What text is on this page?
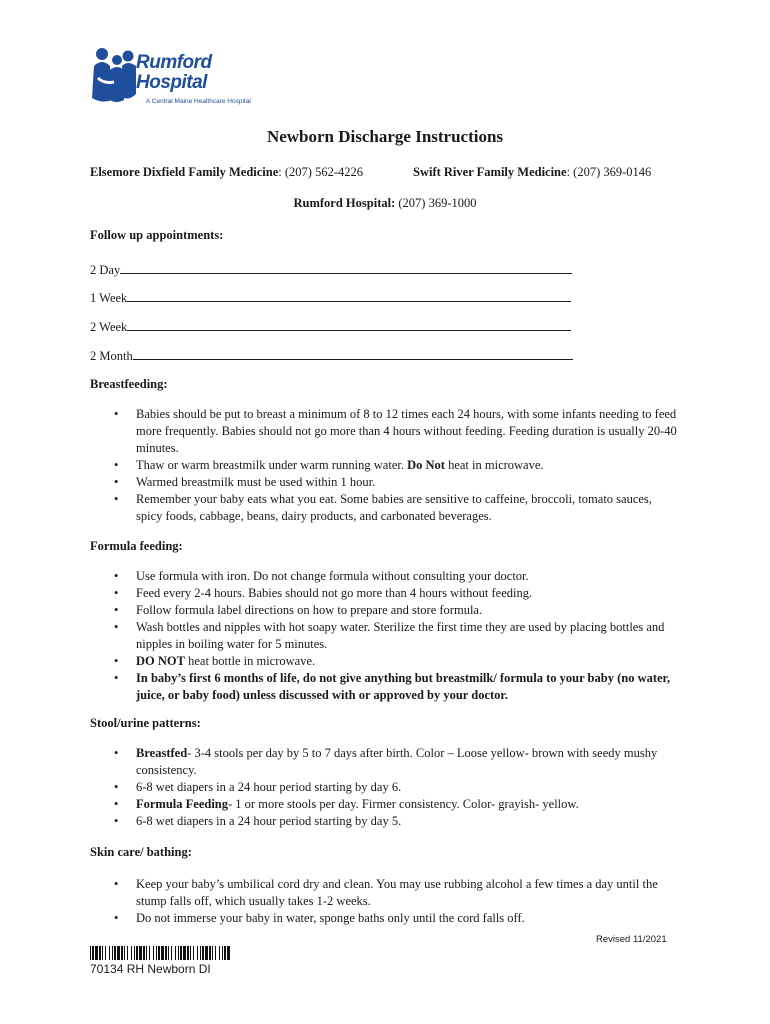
Rumford
Hospital
A Central Maine Healthcare Hospital
Newborn Discharge Instructions
Elsemore Dixfield Family Medicine: (207) 562-4226	Swift River Family Medicine: (207) 369-0146
Rumford Hospital: (207) 369-1000
Follow up appointments:
2 Day
1 Week
2 Week
2 Month
Breastfeeding:
• Babies should be put to breast a minimum of 8 to 12 times each 24 hours, with some infants needing to feed more frequently. Babies should not go more than 4 hours without feeding. Feeding duration is usually 20-40 minutes.
• Thaw or warm breastmilk under warm running water. Do Not heat in microwave.
• Warmed breastmilk must be used within 1 hour.
• Remember your baby eats what you eat. Some babies are sensitive to caffeine, broccoli, tomato sauces, spicy foods, cabbage, beans, dairy products, and carbonated beverages.
Formula feeding:
• Use formula with iron. Do not change formula without consulting your doctor.
• Feed every 2-4 hours. Babies should not go more than 4 hours without feeding.
• Follow formula label directions on how to prepare and store formula.
• Wash bottles and nipples with hot soapy water. Sterilize the first time they are used by placing bottles and nipples in boiling water for 5 minutes.
• DO NOT heat bottle in microwave.
• In baby’s first 6 months of life, do not give anything but breastmilk/ formula to your baby (no water, juice, or baby food) unless discussed with or approved by your doctor.
Stool/urine patterns:
• Breastfed- 3-4 stools per day by 5 to 7 days after birth. Color – Loose yellow- brown with seedy mushy consistency.
• 6-8 wet diapers in a 24 hour period starting by day 6.
• Formula Feeding- 1 or more stools per day. Firmer consistency. Color- grayish- yellow.
• 6-8 wet diapers in a 24 hour period starting by day 5.
Skin care/ bathing:
• Keep your baby’s umbilical cord dry and clean. You may use rubbing alcohol a few times a day until the stump falls off, which usually takes 1-2 weeks.
• Do not immerse your baby in water, sponge baths only until the cord falls off.
Revised 11/2021
70134 RH Newborn DI
